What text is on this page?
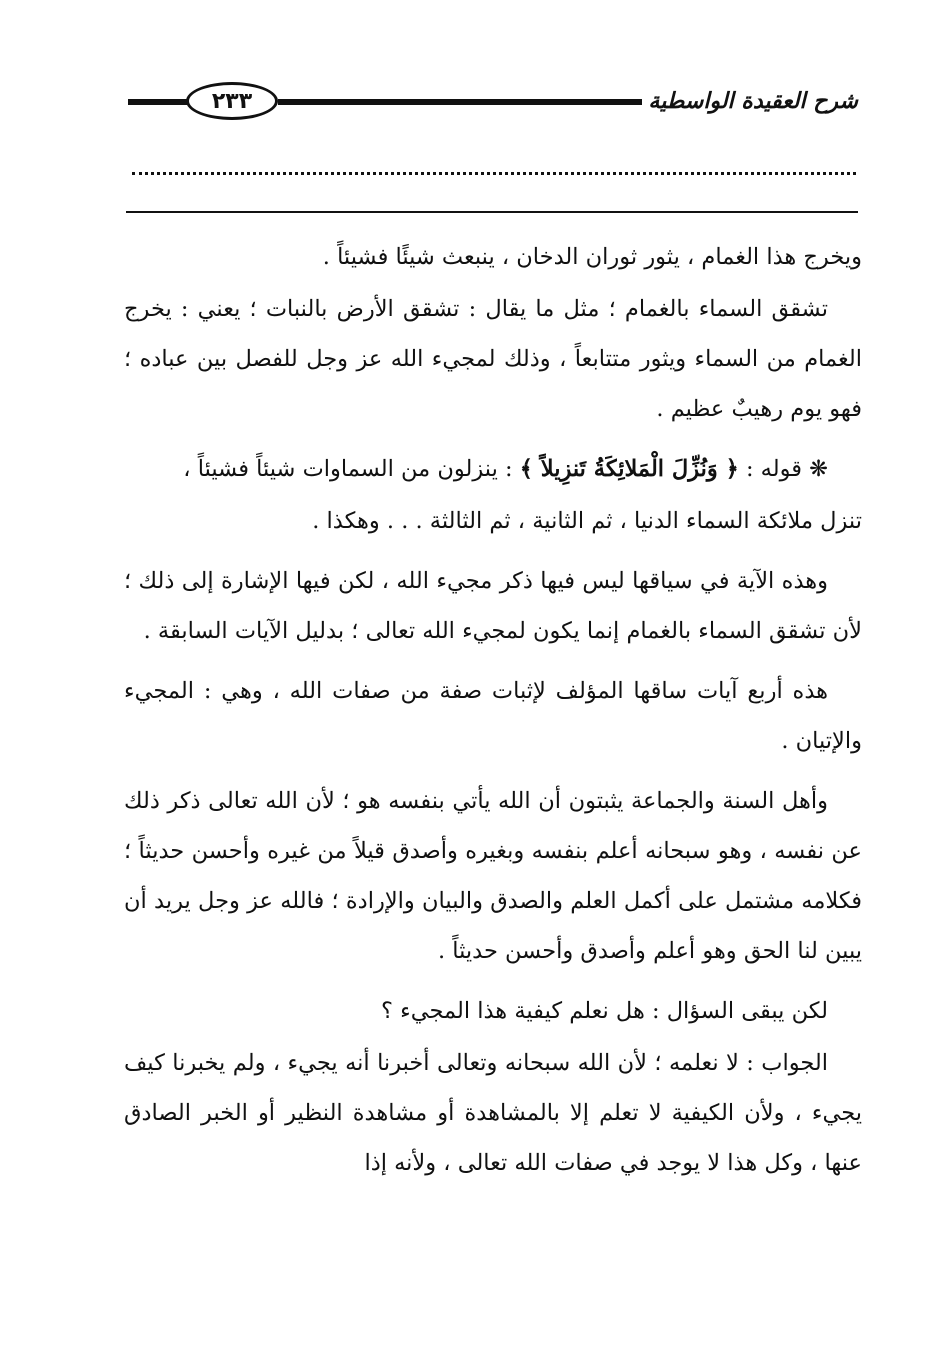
٢٣٣	شرح العقيدة الواسطية

ويخرج هذا الغمام ، يثور ثوران الدخان ، ينبعث شيئًا فشيئاً .

تشقق السماء بالغمام ؛ مثل ما يقال : تشقق الأرض بالنبات ؛ يعني : يخرج الغمام من السماء ويثور متتابعاً ، وذلك لمجيء الله عز وجل للفصل بين عباده ؛ فهو يوم رهيبٌ عظيم .

❋ قوله : ﴿ وَنُزِّلَ الْمَلائِكَةُ تَنزِيلاً ﴾ : ينزلون من السماوات شيئاً فشيئاً ،

تنزل ملائكة السماء الدنيا ، ثم الثانية ، ثم الثالثة . . . وهكذا .

وهذه الآية في سياقها ليس فيها ذكر مجيء الله ، لكن فيها الإشارة إلى ذلك ؛ لأن تشقق السماء بالغمام إنما يكون لمجيء الله تعالى ؛ بدليل الآيات السابقة .

هذه أربع آيات ساقها المؤلف لإثبات صفة من صفات الله ، وهي : المجيء والإتيان .

وأهل السنة والجماعة يثبتون أن الله يأتي بنفسه هو ؛ لأن الله تعالى ذكر ذلك عن نفسه ، وهو سبحانه أعلم بنفسه وبغيره وأصدق قيلاً من غيره وأحسن حديثاً ؛ فكلامه مشتمل على أكمل العلم والصدق والبيان والإرادة ؛ فالله عز وجل يريد أن يبين لنا الحق وهو أعلم وأصدق وأحسن حديثاً .

لكن يبقى السؤال : هل نعلم كيفية هذا المجيء ؟

الجواب : لا نعلمه ؛ لأن الله سبحانه وتعالى أخبرنا أنه يجيء ، ولم يخبرنا كيف يجيء ، ولأن الكيفية لا تعلم إلا بالمشاهدة أو مشاهدة النظير أو الخبر الصادق عنها ، وكل هذا لا يوجد في صفات الله تعالى ، ولأنه إذا
